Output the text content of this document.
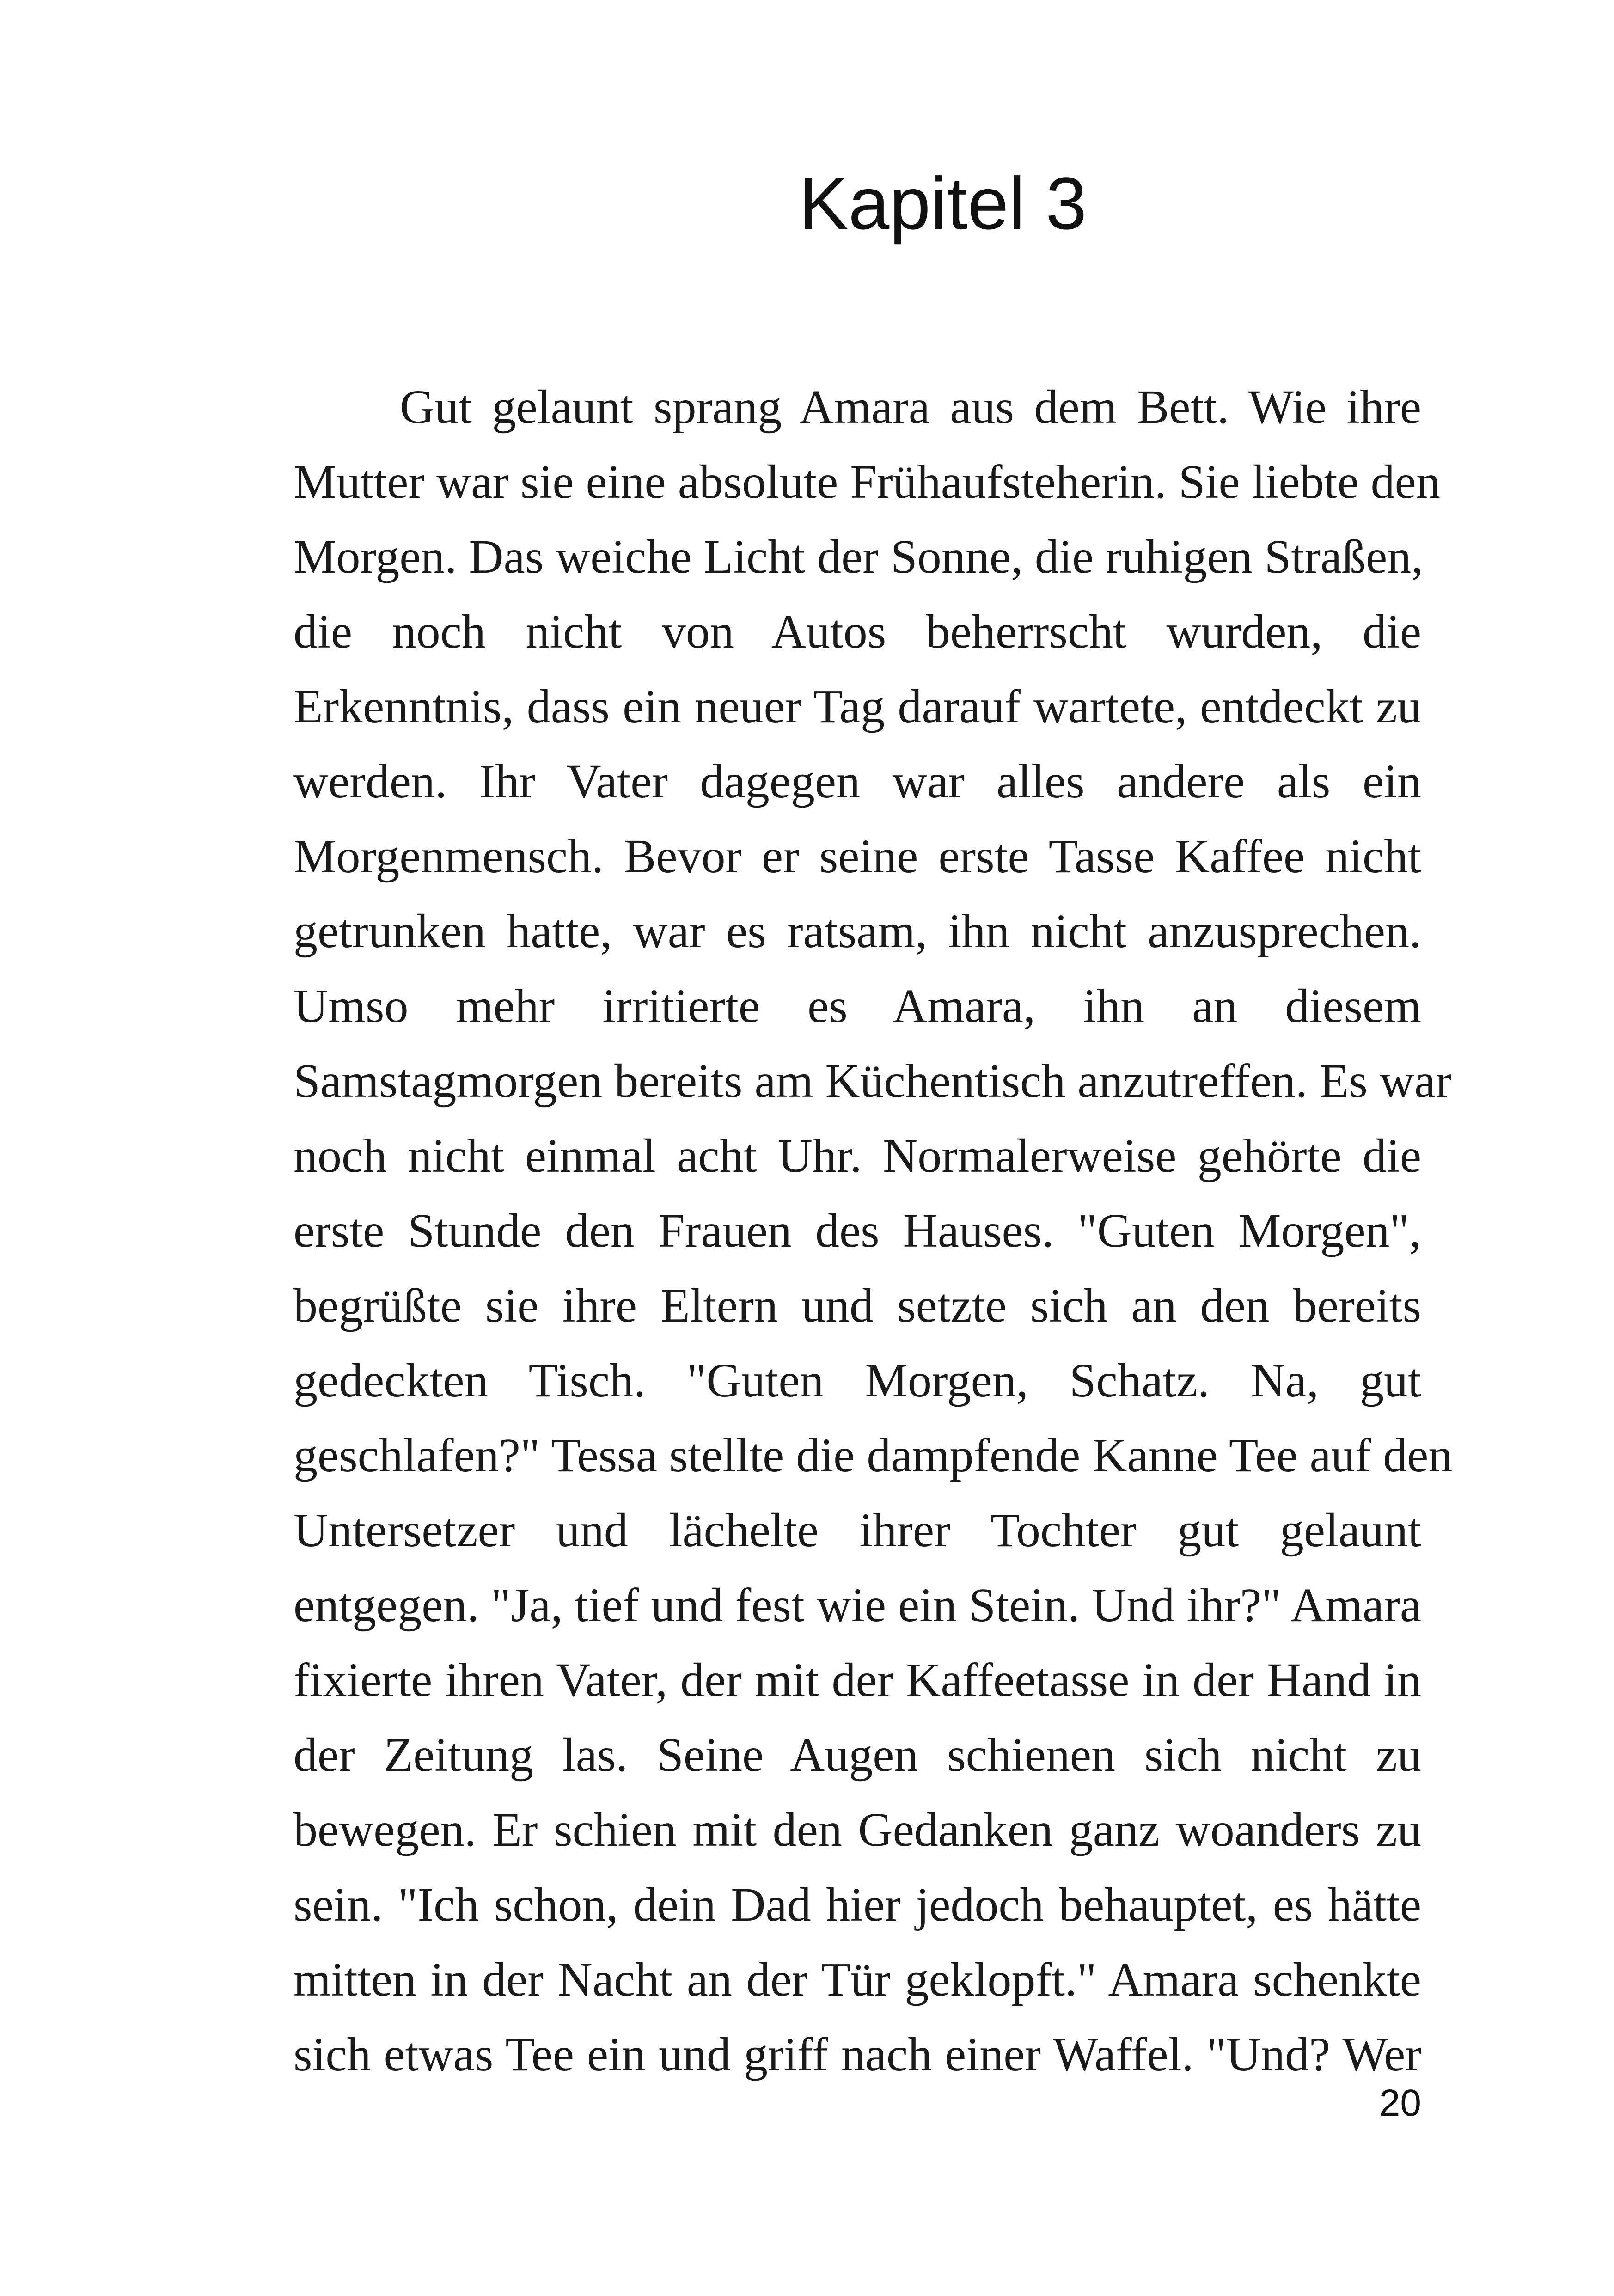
Kapitel 3
Gut gelaunt sprang Amara aus dem Bett. Wie ihre
Mutter war sie eine absolute Frühaufsteherin. Sie liebte den
Morgen. Das weiche Licht der Sonne, die ruhigen Straßen,
die noch nicht von Autos beherrscht wurden, die
Erkenntnis, dass ein neuer Tag darauf wartete, entdeckt zu
werden. Ihr Vater dagegen war alles andere als ein
Morgenmensch. Bevor er seine erste Tasse Kaffee nicht
getrunken hatte, war es ratsam, ihn nicht anzusprechen.
Umso mehr irritierte es Amara, ihn an diesem
Samstagmorgen bereits am Küchentisch anzutreffen. Es war
noch nicht einmal acht Uhr. Normalerweise gehörte die
erste Stunde den Frauen des Hauses. "Guten Morgen",
begrüßte sie ihre Eltern und setzte sich an den bereits
gedeckten Tisch. "Guten Morgen, Schatz. Na, gut
geschlafen?" Tessa stellte die dampfende Kanne Tee auf den
Untersetzer und lächelte ihrer Tochter gut gelaunt
entgegen. "Ja, tief und fest wie ein Stein. Und ihr?" Amara
fixierte ihren Vater, der mit der Kaffeetasse in der Hand in
der Zeitung las. Seine Augen schienen sich nicht zu
bewegen. Er schien mit den Gedanken ganz woanders zu
sein. "Ich schon, dein Dad hier jedoch behauptet, es hätte
mitten in der Nacht an der Tür geklopft." Amara schenkte
sich etwas Tee ein und griff nach einer Waffel. "Und? Wer
20
